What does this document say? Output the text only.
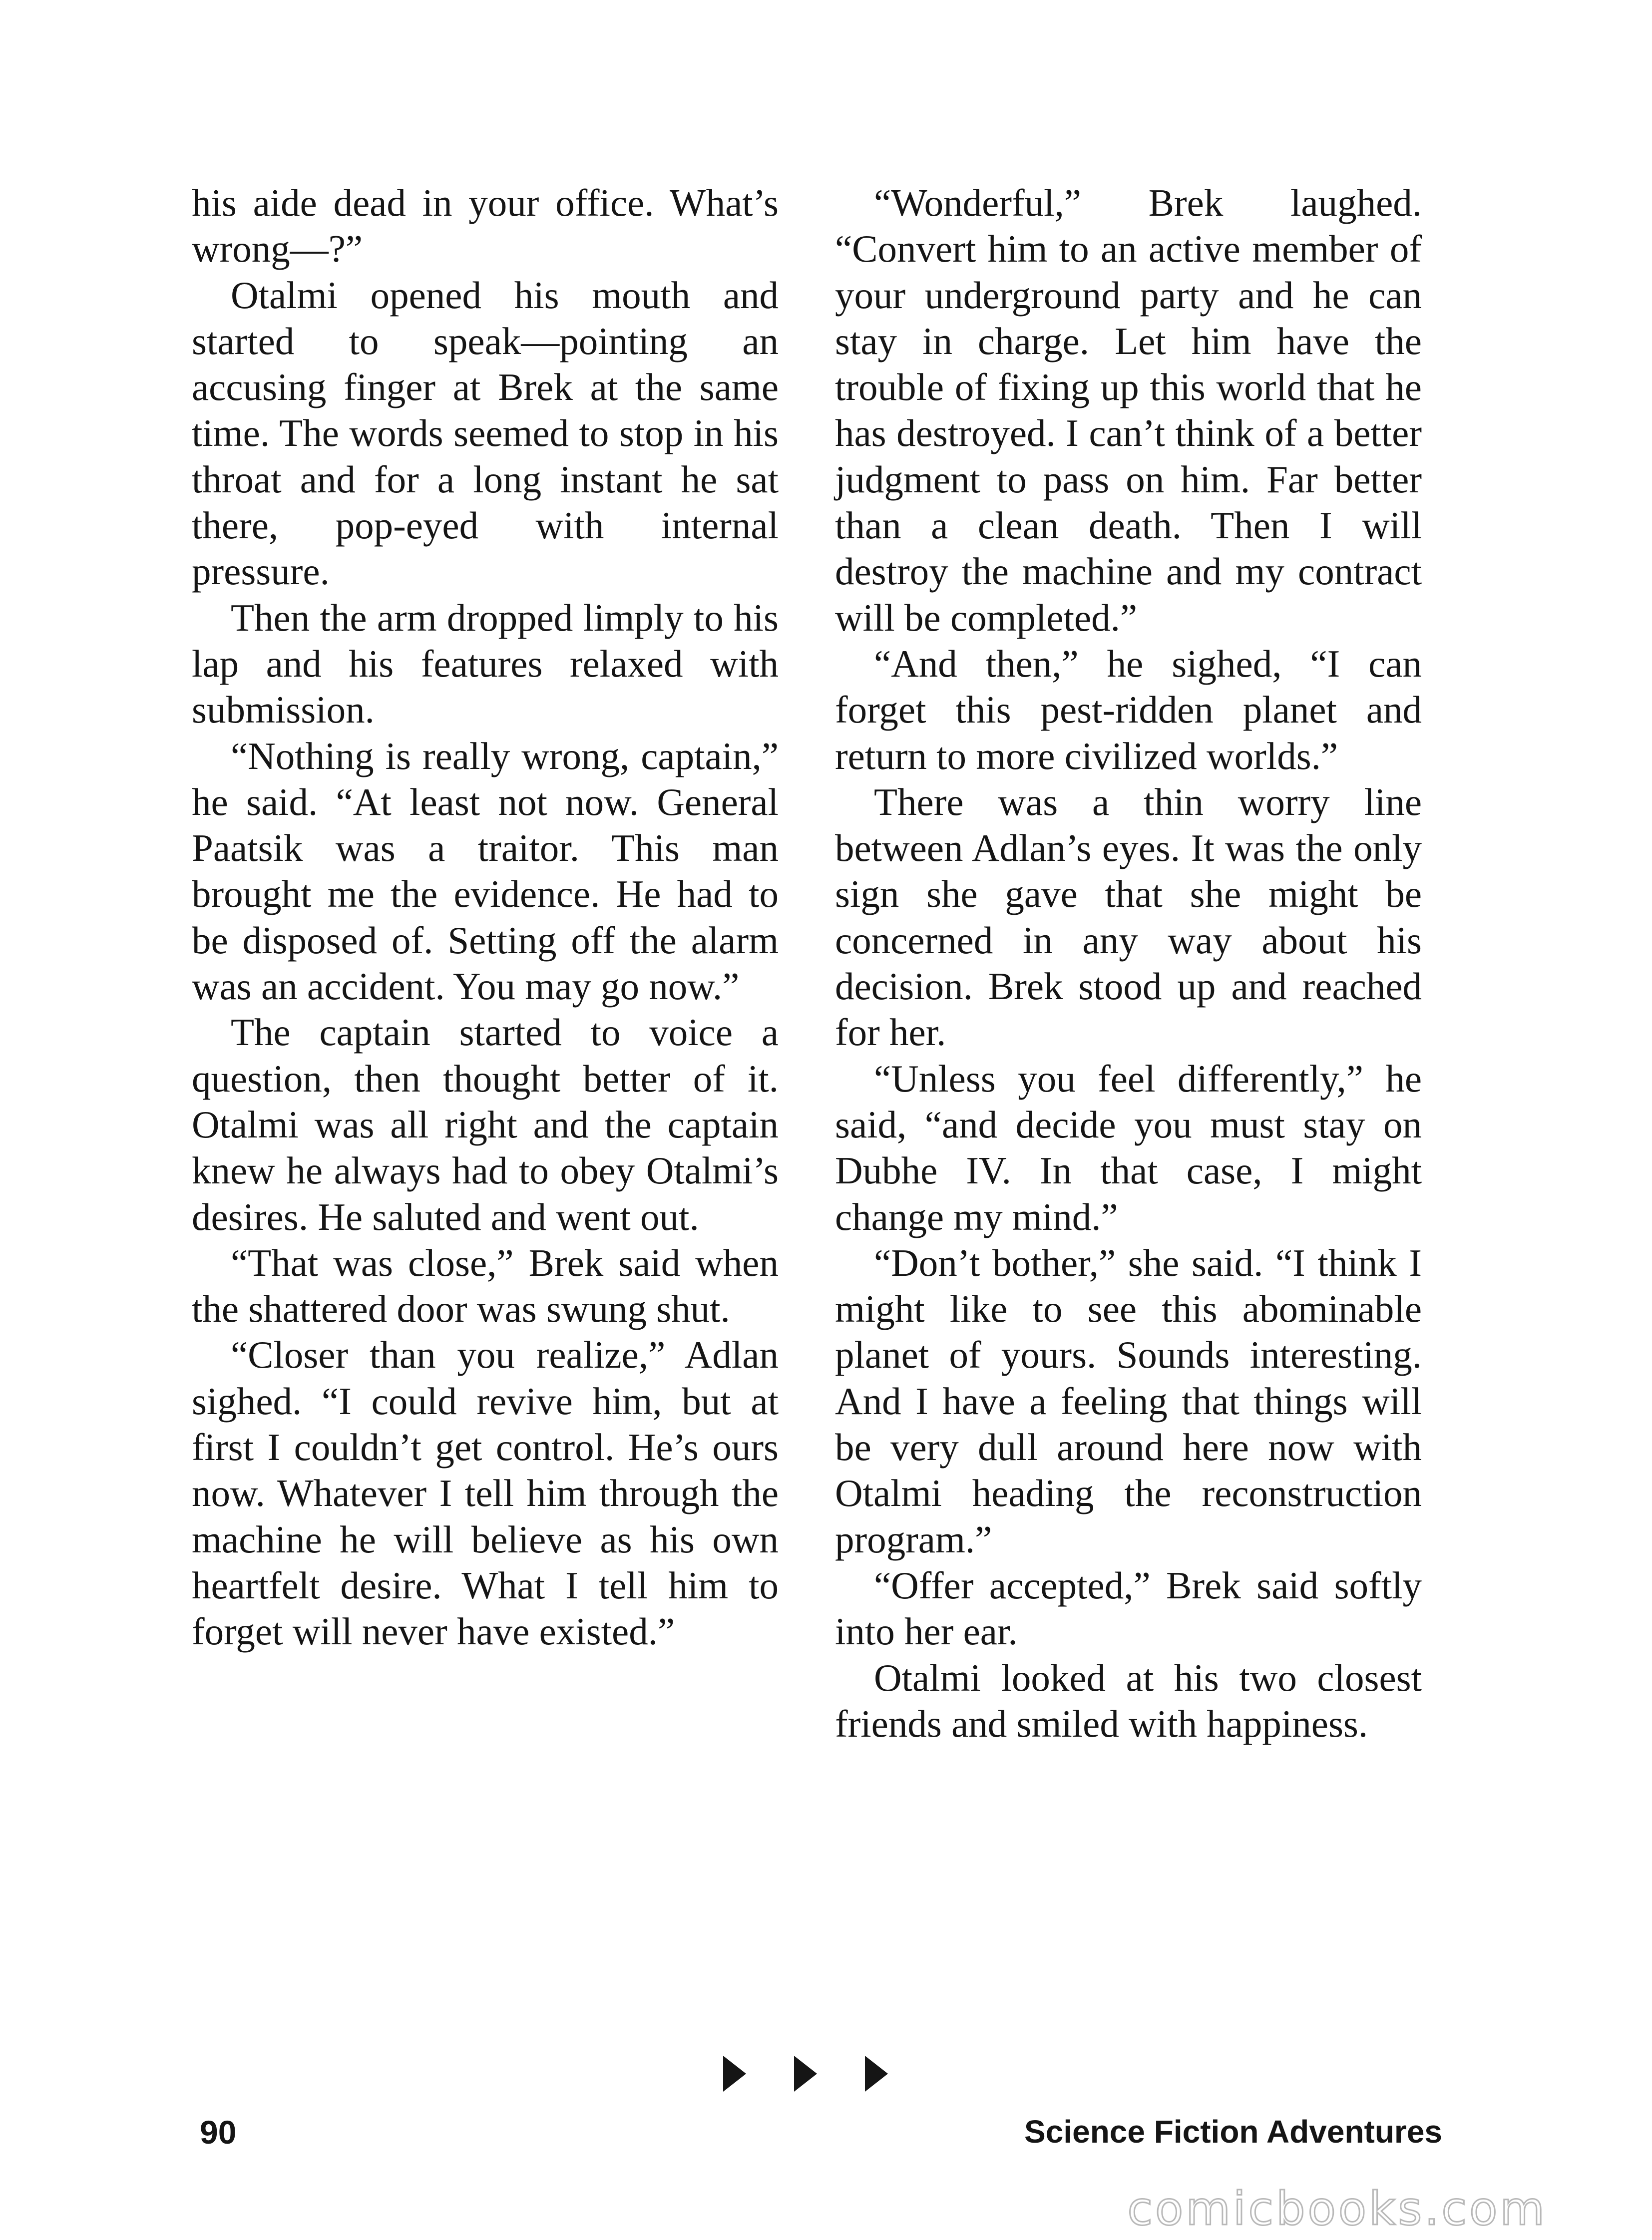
his aide dead in your office. What’s wrong—?”

Otalmi opened his mouth and started to speak—pointing an accusing finger at Brek at the same time. The words seemed to stop in his throat and for a long instant he sat there, pop-eyed with internal pressure.

Then the arm dropped limply to his lap and his features relaxed with submission.

“Nothing is really wrong, captain,” he said. “At least not now. General Paatsik was a traitor. This man brought me the evidence. He had to be disposed of. Setting off the alarm was an accident. You may go now.”

The captain started to voice a question, then thought better of it. Otalmi was all right and the captain knew he always had to obey Otalmi’s desires. He saluted and went out.

“That was close,” Brek said when the shattered door was swung shut.

“Closer than you realize,” Adlan sighed. “I could revive him, but at first I couldn’t get control. He’s ours now. Whatever I tell him through the machine he will believe as his own heartfelt desire. What I tell him to forget will never have existed.”

“Wonderful,” Brek laughed. “Convert him to an active member of your underground party and he can stay in charge. Let him have the trouble of fixing up this world that he has destroyed. I can’t think of a better judgment to pass on him. Far better than a clean death. Then I will destroy the machine and my contract will be completed.”

“And then,” he sighed, “I can forget this pest-ridden planet and return to more civilized worlds.”

There was a thin worry line between Adlan’s eyes. It was the only sign she gave that she might be concerned in any way about his decision. Brek stood up and reached for her.

“Unless you feel differently,” he said, “and decide you must stay on Dubhe IV. In that case, I might change my mind.”

“Don’t bother,” she said. “I think I might like to see this abominable planet of yours. Sounds interesting. And I have a feeling that things will be very dull around here now with Otalmi heading the reconstruction program.”

“Offer accepted,” Brek said softly into her ear.

Otalmi looked at his two closest friends and smiled with happiness.

90	Science Fiction Adventures
comicbooks.com
